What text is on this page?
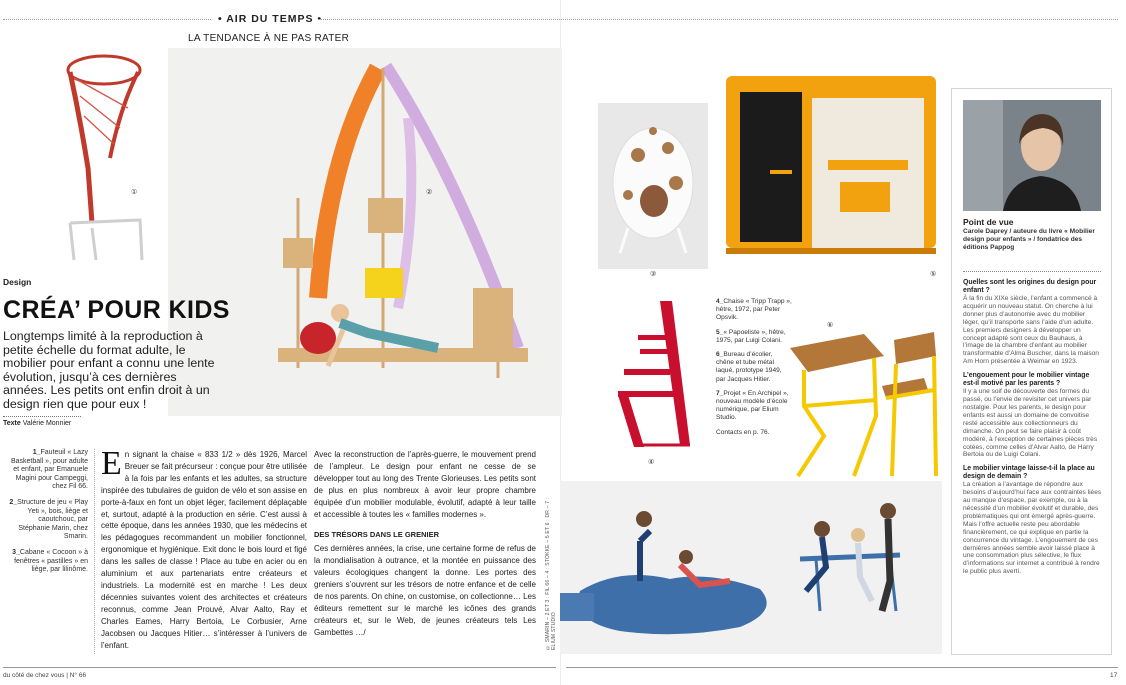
• AIR DU TEMPS •
LA TENDANCE À NE PAS RATER
①	②
Design
CRÉA’ POUR KIDS
Longtemps limité à la reproduction à petite échelle du format adulte, le mobilier pour enfant a connu une lente évolution, jusqu’à ces dernières années. Les petits ont enfin droit à un design rien que pour eux !
Texte Valérie Monnier

1_Fauteuil « Lazy Basketball », pour adulte et enfant, par Emanuele Magini pour Campeggi, chez Fil 66.

2_Structure de jeu « Play Yeti », bois, liège et caoutchouc, par Stéphanie Marin, chez Smarin.

3_Cabane « Cocoon » à fenêtres « pastilles » en liège, par lilinôme.

E n signant la chaise « 833 1/2 » dès 1926, Marcel Breuer se fait précurseur : conçue pour être utilisée à la fois par les enfants et les adultes, sa structure inspirée des tubulaires de guidon de vélo et son assise en porte-à-faux en font un objet léger, facilement déplaçable et, surtout, adapté à la production en série. C’est aussi à cette époque, dans les années 1930, que les médecins et les pédagogues recommandent un mobilier fonctionnel, ergonomique et hygiénique. Exit donc le bois lourd et figé dans les salles de classe ! Place au tube en acier ou en aluminium et aux partenariats entre créateurs et industriels. La modernité est en marche ! Les deux décennies suivantes voient des architectes et créateurs reconnus, comme Jean Prouvé, Alvar Aalto, Ray et Charles Eames, Harry Bertoia, Le Corbusier, Arne Jacobsen ou Jacques Hitier… s’intéresser à l’univers de l’enfant.

Avec la reconstruction de l’après-guerre, le mouvement prend de l’ampleur. Le design pour enfant ne cesse de se développer tout au long des Trente Glorieuses. Les petits sont de plus en plus nombreux à avoir leur propre chambre équipée d’un mobilier modulable, évolutif, adapté à leur taille et accessible à toutes les « familles modernes ».

DES TRÉSORS DANS LE GRENIER

Ces dernières années, la crise, une certaine forme de refus de la mondialisation à outrance, et la montée en puissance des valeurs écologiques changent la donne. Les portes des greniers s’ouvrent sur les trésors de notre enfance et de celle de nos parents. On chine, on customise, on collectionne… Les éditeurs remettent sur le marché les icônes des grands créateurs et, sur le Web, de jeunes créateurs tels Les Gambettes …/	© SMARIN – 2 ET 3 : FIL 66 – 4 : STOKKE – 5 ET 6 : DR – 7 : ELIUM STUDIO
③	⑤
④

4_Chaise « Tripp Trapp », hêtre, 1972, par Peter Opsvik.

5_« Papoeliste », hêtre, 1975, par Luigi Colani.

6_Bureau d’écolier, chêne et tube métal laqué, prototype 1949, par Jacques Hitier.

7_Projet « En Archipel », nouveau modèle d’école numérique, par Elium Studio.

Contacts en p. 76.

⑥
Point de vue
Carole Daprey / auteure du livre « Mobilier design pour enfants » / fondatrice des éditions Pappog
Quelles sont les origines du design pour enfant ?

À la fin du XIXe siècle, l’enfant a commencé à acquérir un nouveau statut. On cherche à lui donner plus d’autonomie avec du mobilier léger, qu’il transporte sans l’aide d’un adulte. Les premiers designers à développer un concept adapté sont ceux du Bauhaus, à l’image de la chambre d’enfant au mobilier transformable d’Alma Buscher, dans la maison Am Horn présentée à Weimar en 1923.

L’engouement pour le mobilier vintage est-il motivé par les parents ?

Il y a une soif de découverte des formes du passé, ou l’envie de revisiter cet univers par nostalgie. Pour les parents, le design pour enfants est aussi un domaine de convoitise resté accessible aux collectionneurs du dimanche. On peut se faire plaisir à coût modéré, à l’exception de certaines pièces très cotées, comme celles d’Alvar Aalto, de Harry Bertoia ou de Luigi Colani.

Le mobilier vintage laisse-t-il la place au design de demain ?

La création a l’avantage de répondre aux besoins d’aujourd’hui face aux contraintes liées au manque d’espace, par exemple, ou à la nécessité d’un mobilier évolutif et durable, des problématiques qui ont émergé après-guerre. Mais l’offre actuelle reste peu abordable financièrement, ce qui explique en partie la concurrence du vintage. L’engouement de ces dernières années semble avoir laissé place à une consommation plus sélective, le flux d’informations sur internet a contribué à rendre le public plus averti.

du côté de chez vous | N° 66	17
